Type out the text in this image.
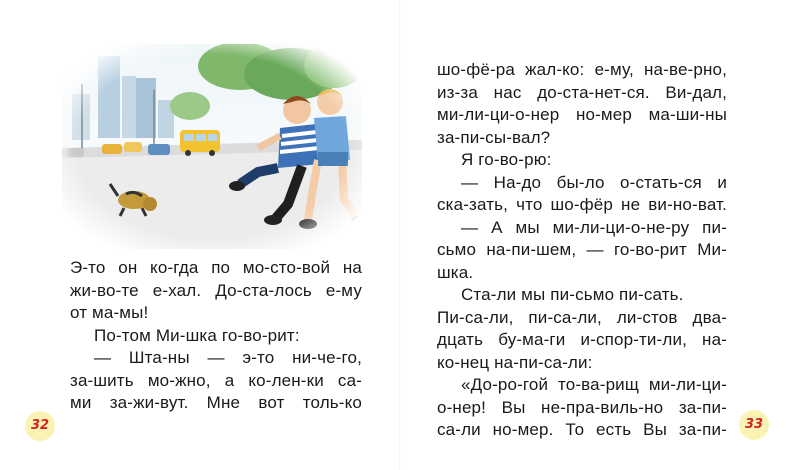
Э-то он ко-гда по мо-сто-вой на
жи-во-те е-хал. До-ста-лось е-му
от ма-мы!
По-том Ми-шка го-во-рит:
— Шта-ны — э-то ни-че-го,
за-шить мо-жно, а ко-лен-ки са-
ми за-жи-вут. Мне вот толь-ко
32
шо-фё-ра жал-ко: е-му, на-ве-рно,
из-за нас до-ста-нет-ся. Ви-дал,
ми-ли-ци-о-нер но-мер ма-ши-ны
за-пи-сы-вал?
Я го-во-рю:
— На-до бы-ло о-стать-ся и
ска-зать, что шо-фёр не ви-но-ват.
— А мы ми-ли-ци-о-не-ру пи-
сьмо на-пи-шем, — го-во-рит Ми-
шка.
Ста-ли мы пи-сьмо пи-сать.
Пи-са-ли, пи-са-ли, ли-стов два-
дцать бу-ма-ги и-спор-ти-ли, на-
ко-нец на-пи-са-ли:
«До-ро-гой то-ва-рищ ми-ли-ци-
о-нер! Вы не-пра-виль-но за-пи-
са-ли но-мер. То есть Вы за-пи-	33
